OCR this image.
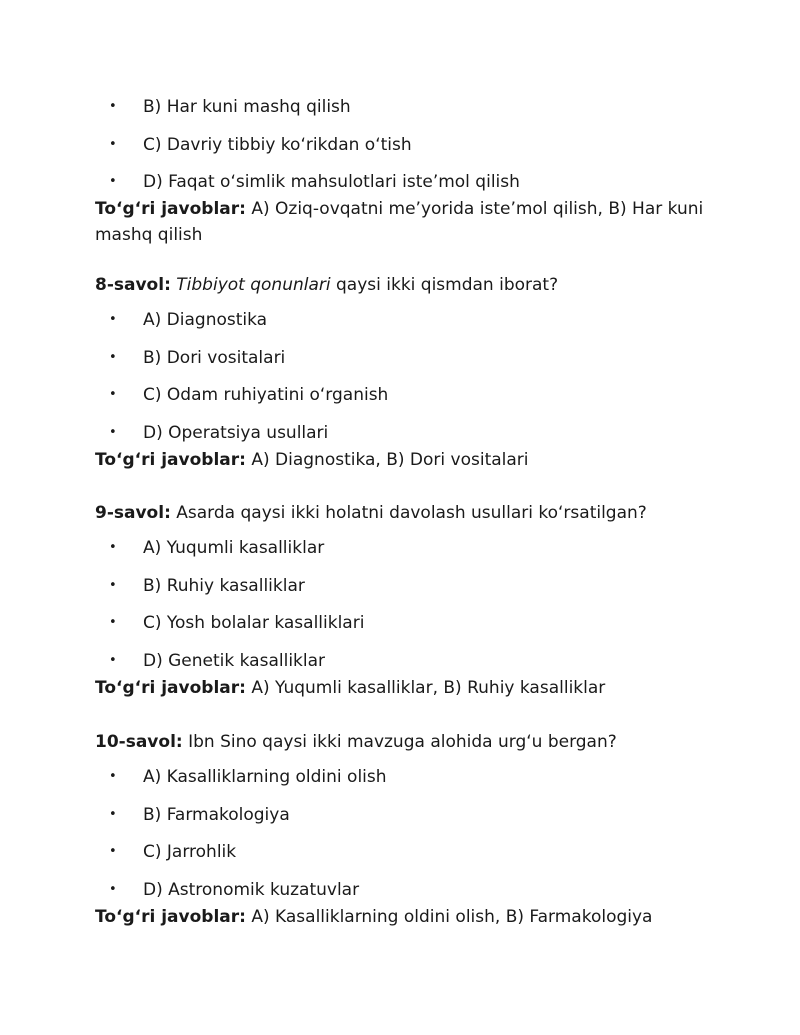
• B) Har kuni mashq qilish
• C) Davriy tibbiy ko‘rikdan o‘tish
• D) Faqat o‘simlik mahsulotlari iste’mol qilish
To‘g‘ri javoblar: A) Oziq-ovqatni me’yorida iste’mol qilish, B) Har kuni mashq qilish
8-savol: Tibbiyot qonunlari qaysi ikki qismdan iborat?
• A) Diagnostika
• B) Dori vositalari
• C) Odam ruhiyatini o‘rganish
• D) Operatsiya usullari
To‘g‘ri javoblar: A) Diagnostika, B) Dori vositalari
9-savol: Asarda qaysi ikki holatni davolash usullari ko‘rsatilgan?
• A) Yuqumli kasalliklar
• B) Ruhiy kasalliklar
• C) Yosh bolalar kasalliklari
• D) Genetik kasalliklar
To‘g‘ri javoblar: A) Yuqumli kasalliklar, B) Ruhiy kasalliklar
10-savol: Ibn Sino qaysi ikki mavzuga alohida urg‘u bergan?
• A) Kasalliklarning oldini olish
• B) Farmakologiya
• C) Jarrohlik
• D) Astronomik kuzatuvlar
To‘g‘ri javoblar: A) Kasalliklarning oldini olish, B) Farmakologiya
